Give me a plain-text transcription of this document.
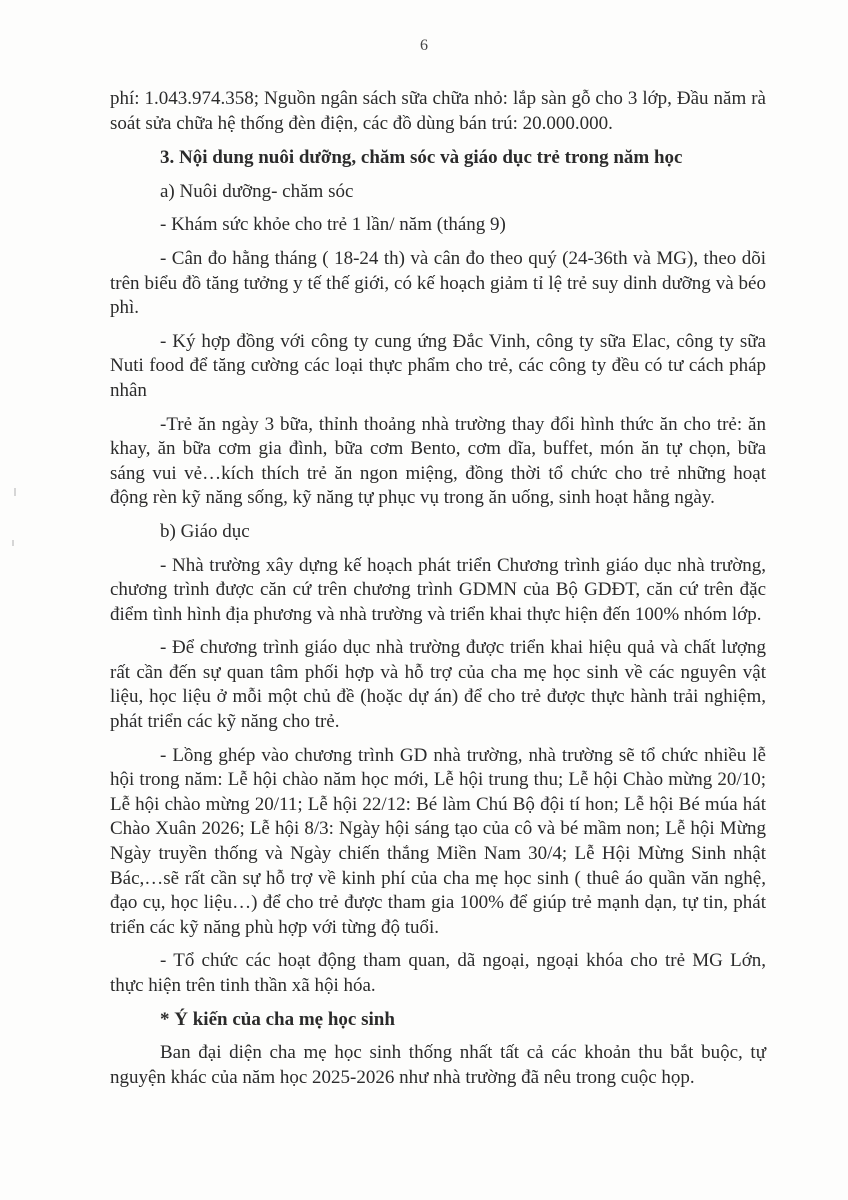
6

phí: 1.043.974.358; Nguồn ngân sách sữa chữa nhỏ: lắp sàn gỗ cho 3 lớp, Đầu năm rà soát sửa chữa hệ thống đèn điện, các đồ dùng bán trú: 20.000.000.

3. Nội dung nuôi dưỡng, chăm sóc và giáo dục trẻ trong năm học

a) Nuôi dưỡng- chăm sóc

- Khám sức khỏe cho trẻ 1 lần/ năm (tháng 9)

- Cân đo hằng tháng ( 18-24 th) và cân đo theo quý (24-36th và MG), theo dõi trên biểu đồ tăng tưởng y tế thế giới, có kế hoạch giảm tỉ lệ trẻ suy dinh dưỡng và béo phì.

- Ký hợp đồng với công ty cung ứng Đắc Vinh, công ty sữa Elac, công ty sữa Nuti food để tăng cường các loại thực phẩm cho trẻ, các công ty đều có tư cách pháp nhân

-Trẻ ăn ngày 3 bữa, thỉnh thoảng nhà trường thay đổi hình thức ăn cho trẻ: ăn khay, ăn bữa cơm gia đình, bữa cơm Bento, cơm dĩa, buffet, món ăn tự chọn, bữa sáng vui vẻ…kích thích trẻ ăn ngon miệng, đồng thời tổ chức cho trẻ những hoạt động rèn kỹ năng sống, kỹ năng tự phục vụ trong ăn uống, sinh hoạt hằng ngày.

b) Giáo dục

- Nhà trường xây dựng kế hoạch phát triển Chương trình giáo dục nhà trường, chương trình được căn cứ trên chương trình GDMN của Bộ GDĐT, căn cứ trên đặc điểm tình hình địa phương và nhà trường và triển khai thực hiện đến 100% nhóm lớp.

- Để chương trình giáo dục nhà trường được triển khai hiệu quả và chất lượng rất cần đến sự quan tâm phối hợp và hỗ trợ của cha mẹ học sinh về các nguyên vật liệu, học liệu ở mỗi một chủ đề (hoặc dự án) để cho trẻ được thực hành trải nghiệm, phát triển các kỹ năng cho trẻ.

- Lồng ghép vào chương trình GD nhà trường, nhà trường sẽ tổ chức nhiều lễ hội trong năm: Lễ hội chào năm học mới, Lễ hội trung thu; Lễ hội Chào mừng 20/10; Lễ hội chào mừng 20/11; Lễ hội 22/12: Bé làm Chú Bộ đội tí hon; Lễ hội Bé múa hát Chào Xuân 2026; Lễ hội 8/3: Ngày hội sáng tạo của cô và bé mầm non; Lễ hội Mừng Ngày truyền thống và Ngày chiến thắng Miền Nam 30/4; Lễ Hội Mừng Sinh nhật Bác,…sẽ rất cần sự hỗ trợ về kinh phí của cha mẹ học sinh ( thuê áo quần văn nghệ, đạo cụ, học liệu…) để cho trẻ được tham gia 100% để giúp trẻ mạnh dạn, tự tin, phát triển các kỹ năng phù hợp với từng độ tuổi.

- Tổ chức các hoạt động tham quan, dã ngoại, ngoại khóa cho trẻ MG Lớn, thực hiện trên tinh thần xã hội hóa.

* Ý kiến của cha mẹ học sinh

Ban đại diện cha mẹ học sinh thống nhất tất cả các khoản thu bắt buộc, tự nguyện khác của năm học 2025-2026 như nhà trường đã nêu trong cuộc họp.
